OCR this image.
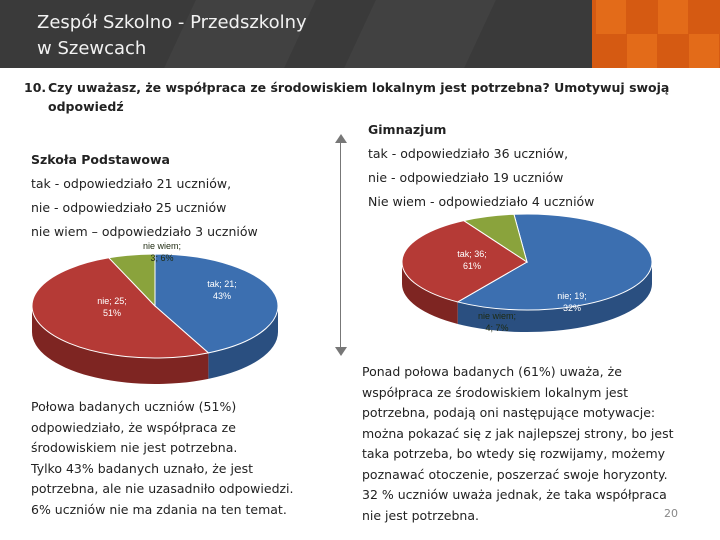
Zespół Szkolno - Przedszkolny
w Szewcach
10. Czy uważasz, że współpraca ze środowiskiem lokalnym jest potrzebna? Umotywuj swoją odpowiedź
Szkoła Podstawowa
tak - odpowiedziało 21 uczniów,
nie - odpowiedziało 25 uczniów
nie wiem – odpowiedziało 3 uczniów
Gimnazjum
tak - odpowiedziało 36 uczniów,
nie - odpowiedziało 19 uczniów
Nie wiem - odpowiedziało 4 uczniów
tak; 21; 43%
nie; 25; 51%
nie wiem; 3; 6%	tak; 36; 61%
nie; 19; 32%
nie wiem; 4; 7%
Połowa badanych uczniów (51%)
odpowiedziało, że współpraca ze
środowiskiem nie jest potrzebna.
Tylko 43% badanych uznało, że jest
potrzebna, ale nie uzasadniło odpowiedzi.
6% uczniów nie ma zdania na ten temat.
Ponad połowa badanych (61%) uważa, że
współpraca ze środowiskiem lokalnym jest
potrzebna, podają oni następujące motywacje:
można pokazać się z jak najlepszej strony, bo jest
taka potrzeba, bo wtedy się rozwijamy, możemy
poznawać otoczenie, poszerzać swoje horyzonty.
32 % uczniów uważa jednak, że taka współpraca
nie jest potrzebna.	20
